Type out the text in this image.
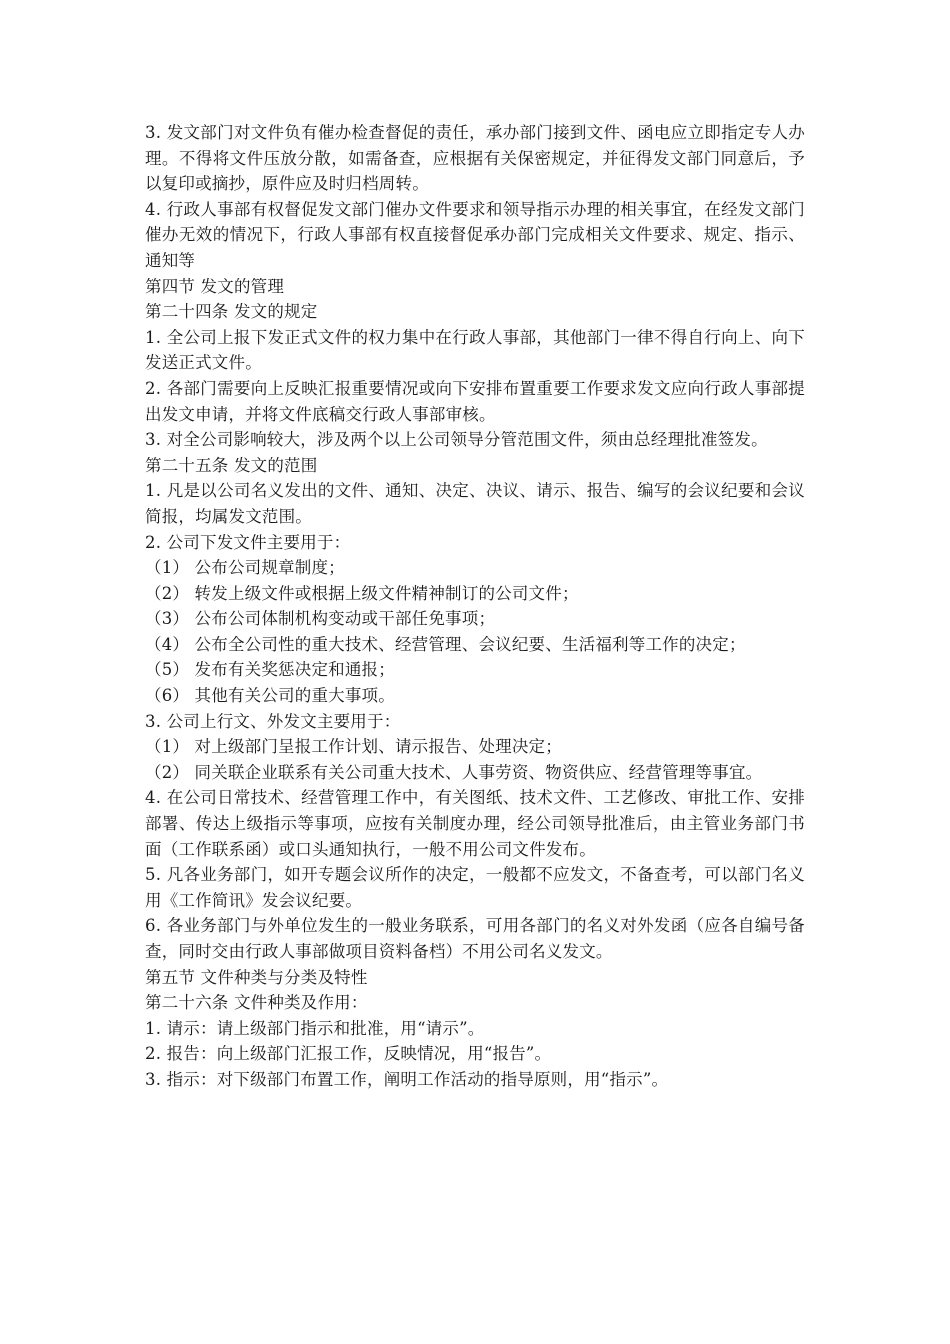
3. 发文部门对文件负有催办检查督促的责任，承办部门接到文件、函电应立即指定专人办理。不得将文件压放分散，如需备查，应根据有关保密规定，并征得发文部门同意后，予以复印或摘抄，原件应及时归档周转。

4. 行政人事部有权督促发文部门催办文件要求和领导指示办理的相关事宜，在经发文部门催办无效的情况下，行政人事部有权直接督促承办部门完成相关文件要求、规定、指示、通知等

第四节 发文的管理

第二十四条 发文的规定

1. 全公司上报下发正式文件的权力集中在行政人事部，其他部门一律不得自行向上、向下发送正式文件。

2. 各部门需要向上反映汇报重要情况或向下安排布置重要工作要求发文应向行政人事部提出发文申请，并将文件底稿交行政人事部审核。

3. 对全公司影响较大，涉及两个以上公司领导分管范围文件，须由总经理批准签发。

第二十五条 发文的范围

1. 凡是以公司名义发出的文件、通知、决定、决议、请示、报告、编写的会议纪要和会议简报，均属发文范围。

2. 公司下发文件主要用于：

（1） 公布公司规章制度；

（2） 转发上级文件或根据上级文件精神制订的公司文件；

（3） 公布公司体制机构变动或干部任免事项；

（4） 公布全公司性的重大技术、经营管理、会议纪要、生活福利等工作的决定；

（5） 发布有关奖惩决定和通报；

（6） 其他有关公司的重大事项。

3. 公司上行文、外发文主要用于：

（1） 对上级部门呈报工作计划、请示报告、处理决定；

（2） 同关联企业联系有关公司重大技术、人事劳资、物资供应、经营管理等事宜。

4. 在公司日常技术、经营管理工作中，有关图纸、技术文件、工艺修改、审批工作、安排部署、传达上级指示等事项，应按有关制度办理，经公司领导批准后，由主管业务部门书面（工作联系函）或口头通知执行，一般不用公司文件发布。

5. 凡各业务部门，如开专题会议所作的决定，一般都不应发文，不备查考，可以部门名义用《工作简讯》发会议纪要。

6. 各业务部门与外单位发生的一般业务联系，可用各部门的名义对外发函（应各自编号备查，同时交由行政人事部做项目资料备档）不用公司名义发文。

第五节 文件种类与分类及特性

第二十六条 文件种类及作用：

1. 请示：请上级部门指示和批准，用“请示”。

2. 报告：向上级部门汇报工作，反映情况，用“报告”。

3. 指示：对下级部门布置工作，阐明工作活动的指导原则，用“指示”。
